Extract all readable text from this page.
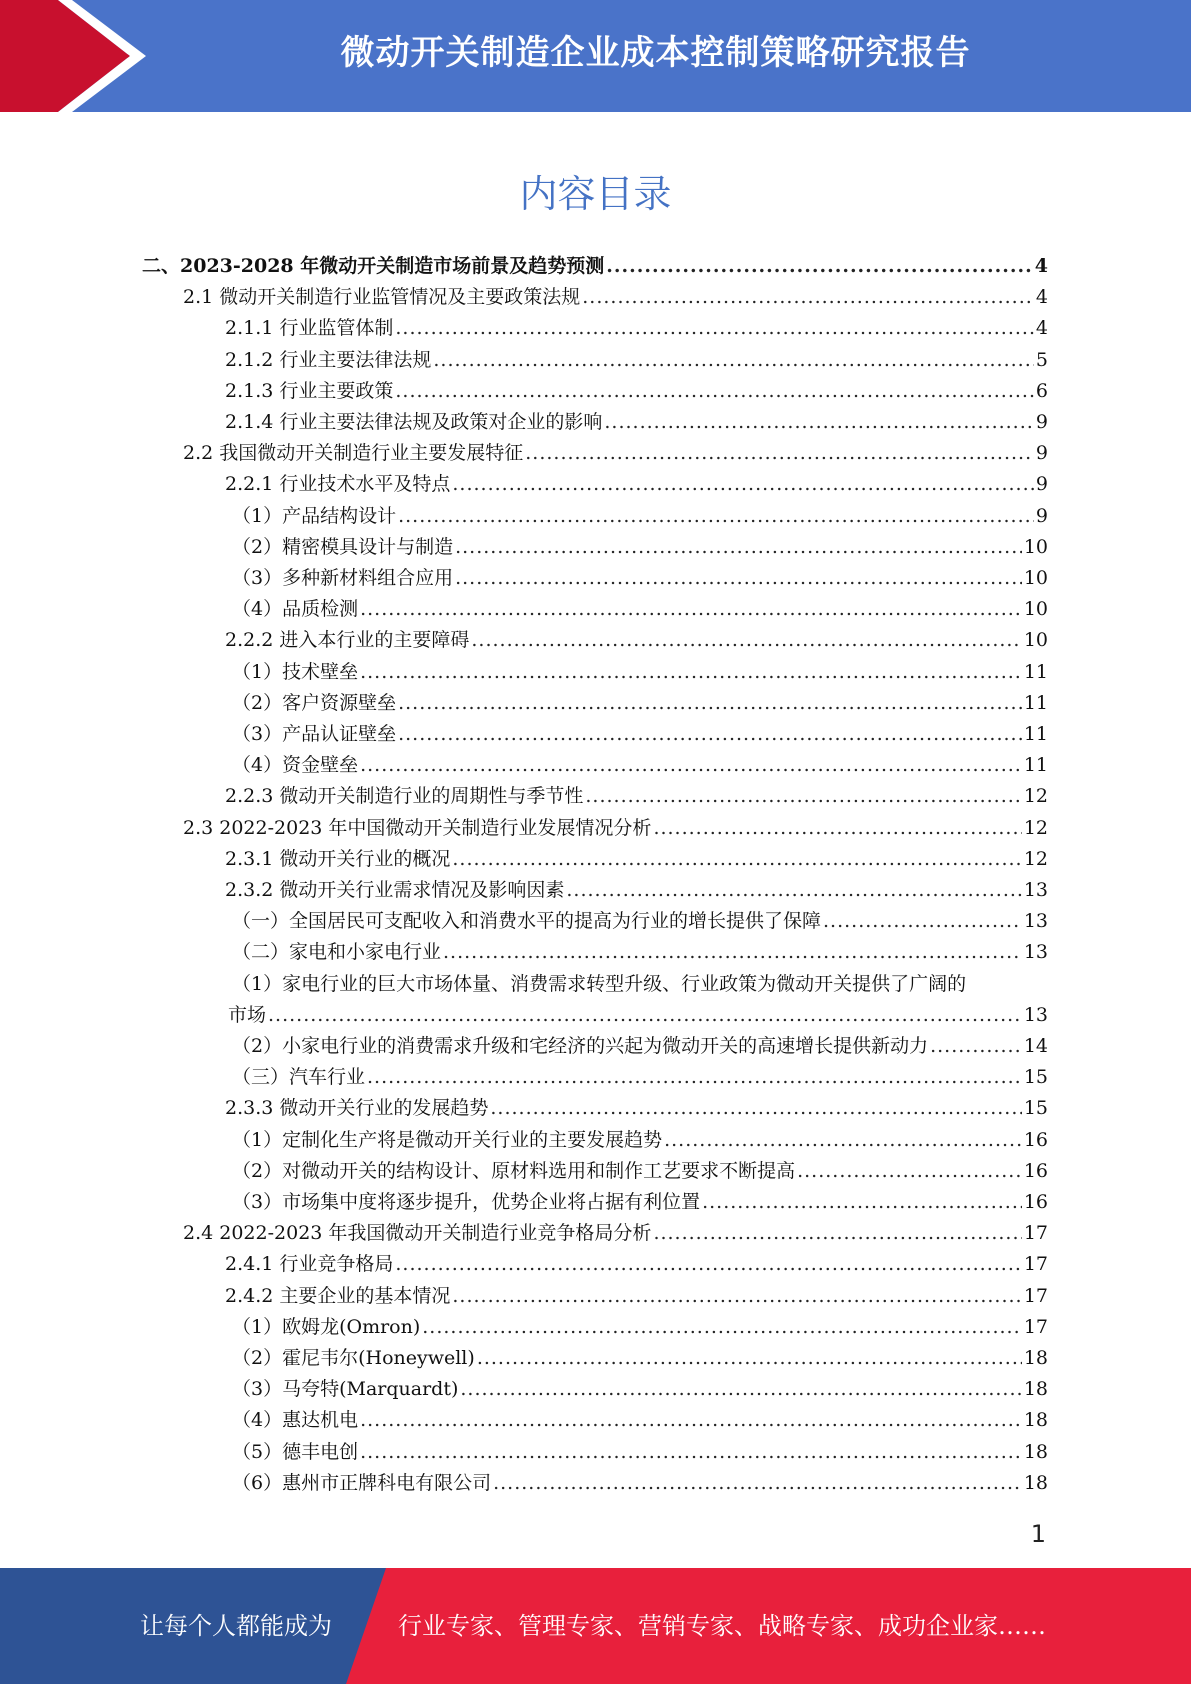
微动开关制造企业成本控制策略研究报告
内容目录
二、2023-2028 年微动开关制造市场前景及趋势预测 .....	4
2.1 微动开关制造行业监管情况及主要政策法规 .....	4
2.1.1 行业监管体制 .....	4
2.1.2 行业主要法律法规 .....	5
2.1.3 行业主要政策 .....	6
2.1.4 行业主要法律法规及政策对企业的影响 .....	9
2.2 我国微动开关制造行业主要发展特征 .....	9
2.2.1 行业技术水平及特点 .....	9
（1）产品结构设计 .....	9
（2）精密模具设计与制造 .....	10
（3）多种新材料组合应用 .....	10
（4）品质检测 .....	10
2.2.2 进入本行业的主要障碍 .....	10
（1）技术壁垒 .....	11
（2）客户资源壁垒 .....	11
（3）产品认证壁垒 .....	11
（4）资金壁垒 .....	11
2.2.3 微动开关制造行业的周期性与季节性 .....	12
2.3 2022-2023 年中国微动开关制造行业发展情况分析 .....	12
2.3.1 微动开关行业的概况 .....	12
2.3.2 微动开关行业需求情况及影响因素 .....	13
（一）全国居民可支配收入和消费水平的提高为行业的增长提供了保障 .....	13
（二）家电和小家电行业 .....	13
（1）家电行业的巨大市场体量、消费需求转型升级、行业政策为微动开关提供了广阔的
市场 .....	13
（2）小家电行业的消费需求升级和宅经济的兴起为微动开关的高速增长提供新动力 .....	14
（三）汽车行业 .....	15
2.3.3 微动开关行业的发展趋势 .....	15
（1）定制化生产将是微动开关行业的主要发展趋势 .....	16
（2）对微动开关的结构设计、原材料选用和制作工艺要求不断提高 .....	16
（3）市场集中度将逐步提升，优势企业将占据有利位置 .....	16
2.4 2022-2023 年我国微动开关制造行业竞争格局分析 .....	17
2.4.1 行业竞争格局 .....	17
2.4.2 主要企业的基本情况 .....	17
（1）欧姆龙(Omron) .....	17
（2）霍尼韦尔(Honeywell) .....	18
（3）马夸特(Marquardt) .....	18
（4）惠达机电 .....	18
（5）德丰电创 .....	18
（6）惠州市正牌科电有限公司 .....	18
1
让每个人都能成为	行业专家、管理专家、营销专家、战略专家、成功企业家……
